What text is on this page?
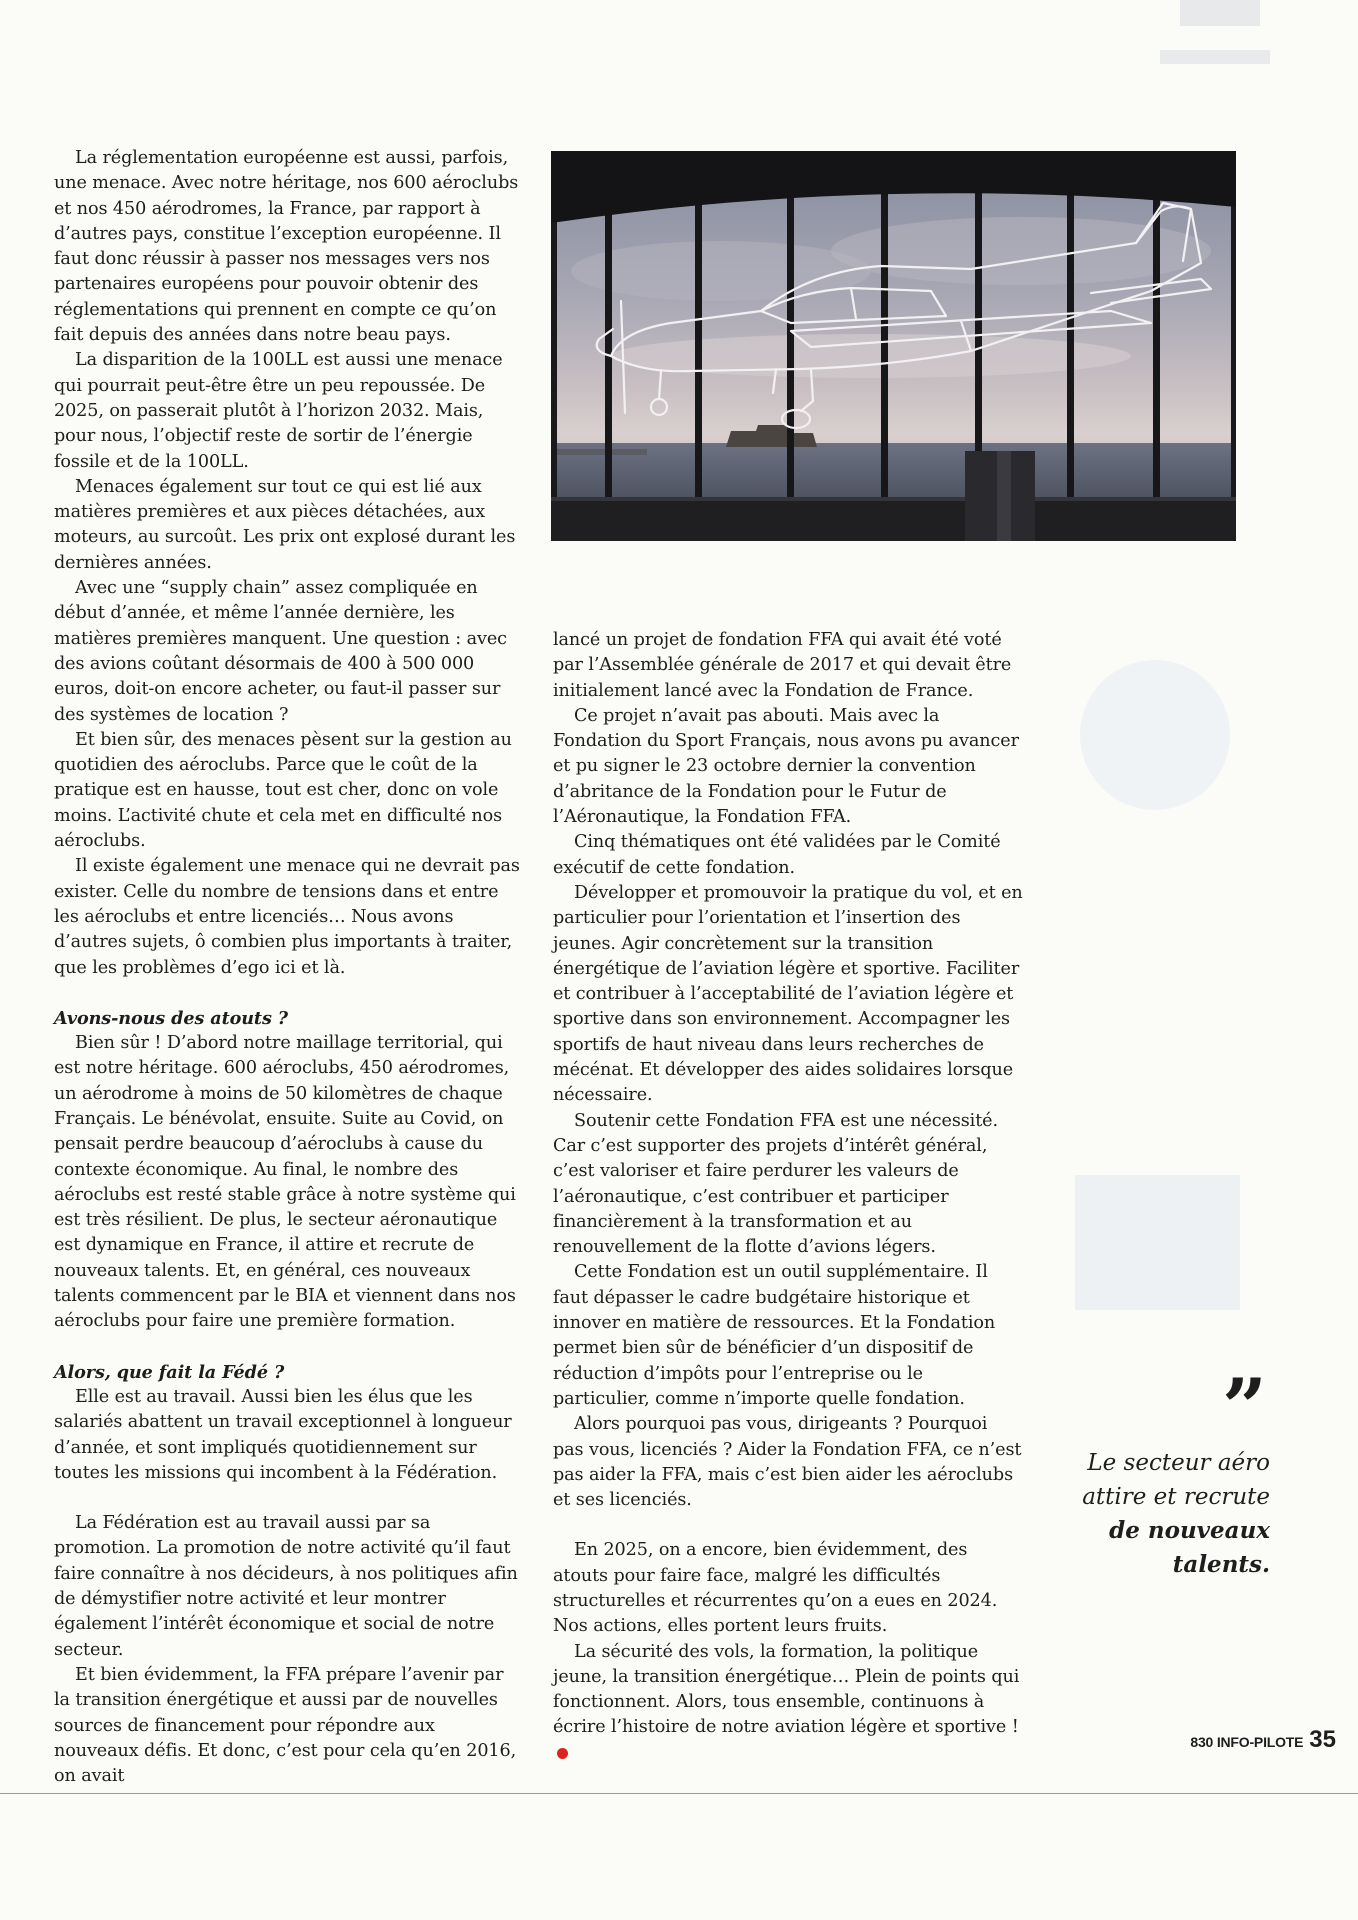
La réglementation européenne est aussi, parfois, une menace. Avec notre héritage, nos 600 aéroclubs et nos 450 aérodromes, la France, par rapport à d’autres pays, constitue l’exception européenne. Il faut donc réussir à passer nos messages vers nos partenaires européens pour pouvoir obtenir des réglementations qui prennent en compte ce qu’on fait depuis des années dans notre beau pays.

La disparition de la 100LL est aussi une menace qui pourrait peut-être être un peu repoussée. De 2025, on passerait plutôt à l’horizon 2032. Mais, pour nous, l’objectif reste de sortir de l’énergie fossile et de la 100LL.

Menaces également sur tout ce qui est lié aux matières premières et aux pièces détachées, aux moteurs, au surcoût. Les prix ont explosé durant les dernières années.

Avec une “supply chain” assez compliquée en début d’année, et même l’année dernière, les matières premières manquent. Une question : avec des avions coûtant désormais de 400 à 500 000 euros, doit-on encore acheter, ou faut-il passer sur des systèmes de location ?

Et bien sûr, des menaces pèsent sur la gestion au quotidien des aéroclubs. Parce que le coût de la pratique est en hausse, tout est cher, donc on vole moins. L’activité chute et cela met en difficulté nos aéroclubs.

Il existe également une menace qui ne devrait pas exister. Celle du nombre de tensions dans et entre les aéroclubs et entre licenciés… Nous avons d’autres sujets, ô combien plus importants à traiter, que les problèmes d’ego ici et là.

Avons-nous des atouts ?

Bien sûr ! D’abord notre maillage territorial, qui est notre héritage. 600 aéroclubs, 450 aérodromes, un aérodrome à moins de 50 kilomètres de chaque Français. Le bénévolat, ensuite. Suite au Covid, on pensait perdre beaucoup d’aéroclubs à cause du contexte économique. Au final, le nombre des aéroclubs est resté stable grâce à notre système qui est très résilient. De plus, le secteur aéronautique est dynamique en France, il attire et recrute de nouveaux talents. Et, en général, ces nouveaux talents commencent par le BIA et viennent dans nos aéroclubs pour faire une première formation.

Alors, que fait la Fédé ?

Elle est au travail. Aussi bien les élus que les salariés abattent un travail exceptionnel à longueur d’année, et sont impliqués quotidiennement sur toutes les missions qui incombent à la Fédération.

La Fédération est au travail aussi par sa promotion. La promotion de notre activité qu’il faut faire connaître à nos décideurs, à nos politiques afin de démystifier notre activité et leur montrer également l’intérêt économique et social de notre secteur.

Et bien évidemment, la FFA prépare l’avenir par la transition énergétique et aussi par de nouvelles sources de financement pour répondre aux nouveaux défis. Et donc, c’est pour cela qu’en 2016, on avait

lancé un projet de fondation FFA qui avait été voté par l’Assemblée générale de 2017 et qui devait être initialement lancé avec la Fondation de France.

Ce projet n’avait pas abouti. Mais avec la Fondation du Sport Français, nous avons pu avancer et pu signer le 23 octobre dernier la convention d’abritance de la Fondation pour le Futur de l’Aéronautique, la Fondation FFA.

Cinq thématiques ont été validées par le Comité exécutif de cette fondation.

Développer et promouvoir la pratique du vol, et en particulier pour l’orientation et l’insertion des jeunes. Agir concrètement sur la transition énergétique de l’aviation légère et sportive. Faciliter et contribuer à l’acceptabilité de l’aviation légère et sportive dans son environnement. Accompagner les sportifs de haut niveau dans leurs recherches de mécénat. Et développer des aides solidaires lorsque nécessaire.

Soutenir cette Fondation FFA est une nécessité. Car c’est supporter des projets d’intérêt général, c’est valoriser et faire perdurer les valeurs de l’aéronautique, c’est contribuer et participer financièrement à la transformation et au renouvellement de la flotte d’avions légers.

Cette Fondation est un outil supplémentaire. Il faut dépasser le cadre budgétaire historique et innover en matière de ressources. Et la Fondation permet bien sûr de bénéficier d’un dispositif de réduction d’impôts pour l’entreprise ou le particulier, comme n’importe quelle fondation.

Alors pourquoi pas vous, dirigeants ? Pourquoi pas vous, licenciés ? Aider la Fondation FFA, ce n’est pas aider la FFA, mais c’est bien aider les aéroclubs et ses licenciés.

En 2025, on a encore, bien évidemment, des atouts pour faire face, malgré les difficultés structurelles et récurrentes qu’on a eues en 2024. Nos actions, elles portent leurs fruits.

La sécurité des vols, la formation, la politique jeune, la transition énergétique… Plein de points qui fonctionnent. Alors, tous ensemble, continuons à écrire l’histoire de notre aviation légère et sportive !

”
Le secteur aéro
attire et recrute
de nouveaux
talents.
830 INFO-PILOTE 35
